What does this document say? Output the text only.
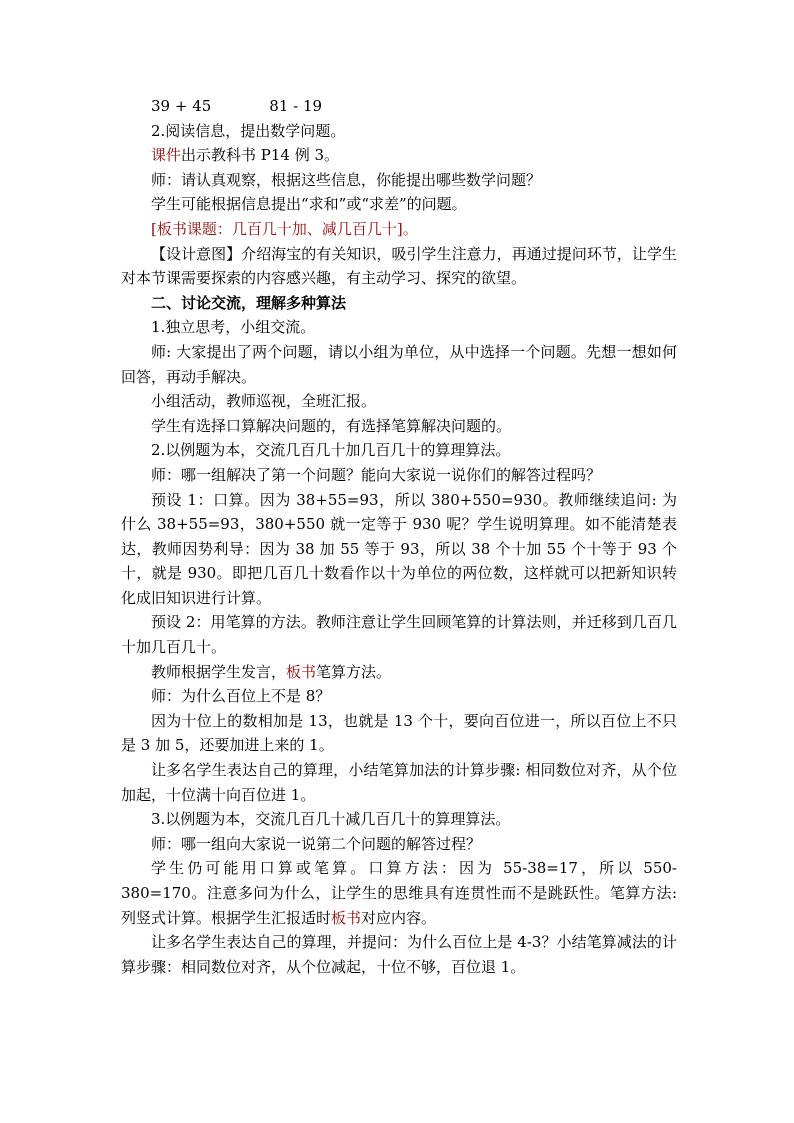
39 + 45	81 - 19

2.阅读信息，提出数学问题。

课件出示教科书 P14 例 3。

师：请认真观察，根据这些信息，你能提出哪些数学问题？

学生可能根据信息提出“求和”或“求差”的问题。

[板书课题：几百几十加、减几百几十]。

【设计意图】介绍海宝的有关知识，吸引学生注意力，再通过提问环节，让学生对本节课需要探索的内容感兴趣，有主动学习、探究的欲望。

二、讨论交流，理解多种算法

1.独立思考，小组交流。

师: 大家提出了两个问题，请以小组为单位，从中选择一个问题。先想一想如何回答，再动手解决。

小组活动，教师巡视，全班汇报。

学生有选择口算解决问题的，有选择笔算解决问题的。

2.以例题为本，交流几百几十加几百几十的算理算法。

师：哪一组解决了第一个问题？能向大家说一说你们的解答过程吗？

预设 1：口算。因为 38+55=93，所以 380+550=930。教师继续追问: 为什么 38+55=93，380+550 就一定等于 930 呢？学生说明算理。如不能清楚表达，教师因势利导：因为 38 加 55 等于 93，所以 38 个十加 55 个十等于 93 个十，就是 930。即把几百几十数看作以十为单位的两位数，这样就可以把新知识转化成旧知识进行计算。

预设 2：用笔算的方法。教师注意让学生回顾笔算的计算法则，并迁移到几百几十加几百几十。

教师根据学生发言，板书笔算方法。

师：为什么百位上不是 8？

因为十位上的数相加是 13，也就是 13 个十，要向百位进一，所以百位上不只是 3 加 5，还要加进上来的 1。

让多名学生表达自己的算理，小结笔算加法的计算步骤: 相同数位对齐，从个位加起，十位满十向百位进 1。

3.以例题为本，交流几百几十减几百几十的算理算法。

师：哪一组向大家说一说第二个问题的解答过程？

学生仍可能用口算或笔算。口算方法：因为 55-38=17，所以 550-380=170。注意多问为什么，让学生的思维具有连贯性而不是跳跃性。笔算方法: 列竖式计算。根据学生汇报适时板书对应内容。

让多名学生表达自己的算理，并提问：为什么百位上是 4-3？小结笔算减法的计算步骤：相同数位对齐，从个位减起，十位不够，百位退 1。
